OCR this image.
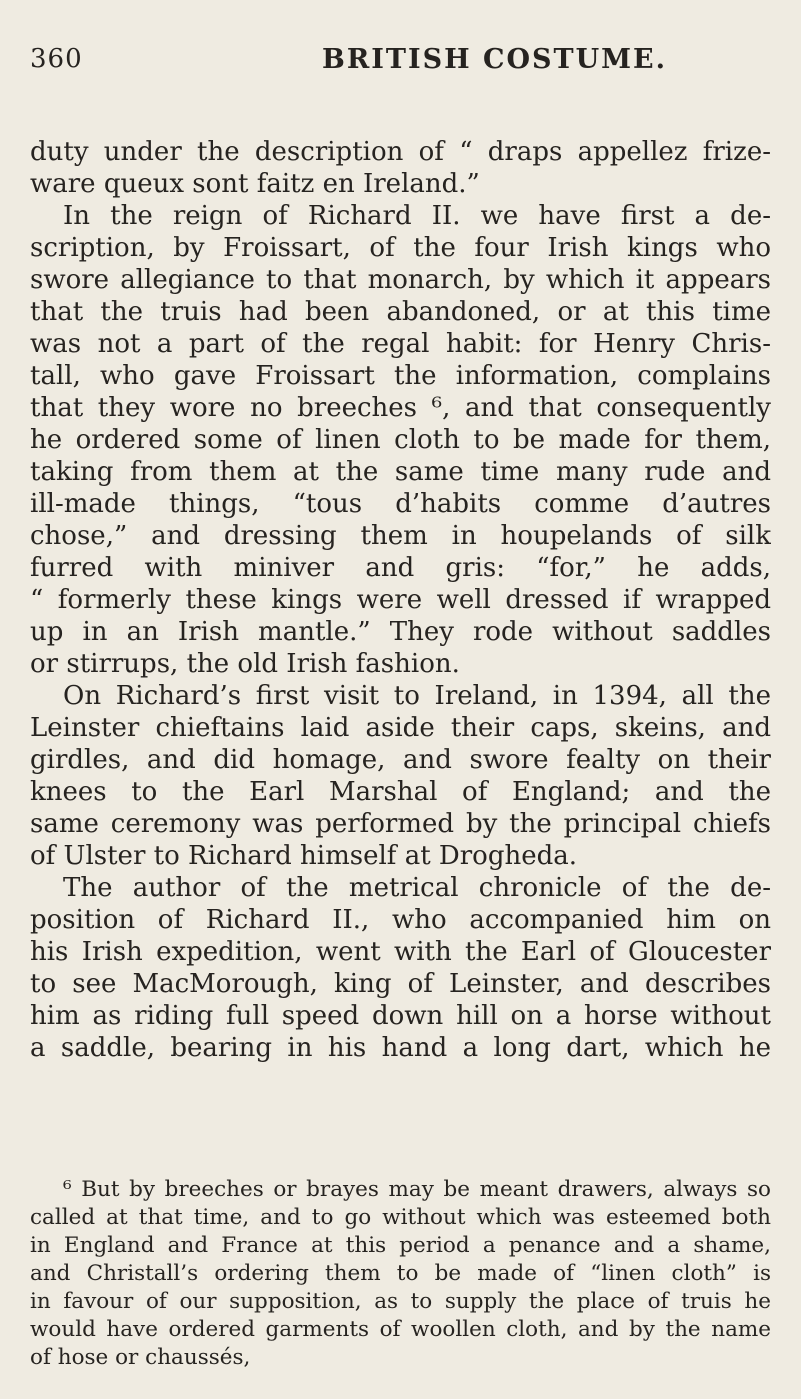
360	BRITISH COSTUME.
duty under the description of “ draps appellez frize-
ware queux sont faitz en Ireland.”
In the reign of Richard II. we have first a de-
scription, by Froissart, of the four Irish kings who
swore allegiance to that monarch, by which it appears
that the truis had been abandoned, or at this time
was not a part of the regal habit: for Henry Chris-
tall, who gave Froissart the information, complains
that they wore no breeches ⁶, and that consequently
he ordered some of linen cloth to be made for them,
taking from them at the same time many rude and
ill-made things, “tous d’habits comme d’autres
chose,” and dressing them in houpelands of silk
furred with miniver and gris: “for,” he adds,
“ formerly these kings were well dressed if wrapped
up in an Irish mantle.” They rode without saddles
or stirrups, the old Irish fashion.
On Richard’s first visit to Ireland, in 1394, all the
Leinster chieftains laid aside their caps, skeins, and
girdles, and did homage, and swore fealty on their
knees to the Earl Marshal of England; and the
same ceremony was performed by the principal chiefs
of Ulster to Richard himself at Drogheda.
The author of the metrical chronicle of the de-
position of Richard II., who accompanied him on
his Irish expedition, went with the Earl of Gloucester
to see MacMorough, king of Leinster, and describes
him as riding full speed down hill on a horse without
a saddle, bearing in his hand a long dart, which he
⁶ But by breeches or brayes may be meant drawers, always so
called at that time, and to go without which was esteemed both
in England and France at this period a penance and a shame,
and Christall’s ordering them to be made of “linen cloth” is
in favour of our supposition, as to supply the place of truis he
would have ordered garments of woollen cloth, and by the name
of hose or chaussés,
